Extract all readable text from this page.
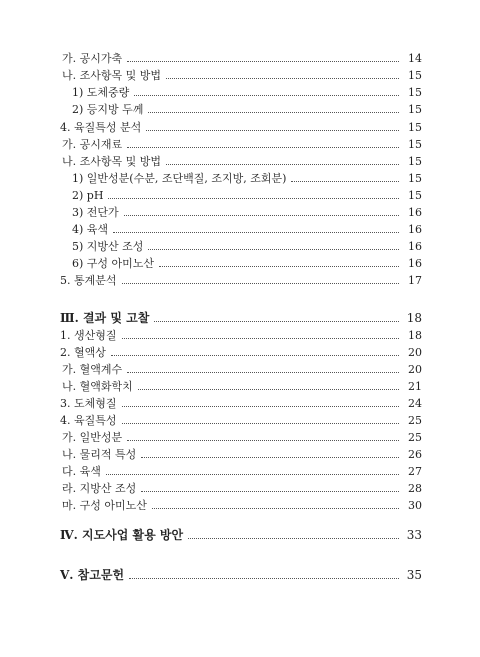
가. 공시가축	14
나. 조사항목 및 방법	15
1) 도체중량	15
2) 등지방 두께	15
4. 육질특성 분석	15
가. 공시재료	15
나. 조사항목 및 방법	15
1) 일반성분(수분, 조단백질, 조지방, 조회분)	15
2) pH	15
3) 전단가	16
4) 육색	16
5) 지방산 조성	16
6) 구성 아미노산	16
5. 통계분석	17
Ⅲ. 결과 및 고찰	18
1. 생산형질	18
2. 혈액상	20
가. 혈액계수	20
나. 혈액화학치	21
3. 도체형질	24
4. 육질특성	25
가. 일반성분	25
나. 물리적 특성	26
다. 육색	27
라. 지방산 조성	28
마. 구성 아미노산	30
Ⅳ. 지도사업 활용 방안	33
Ⅴ. 참고문헌	35
